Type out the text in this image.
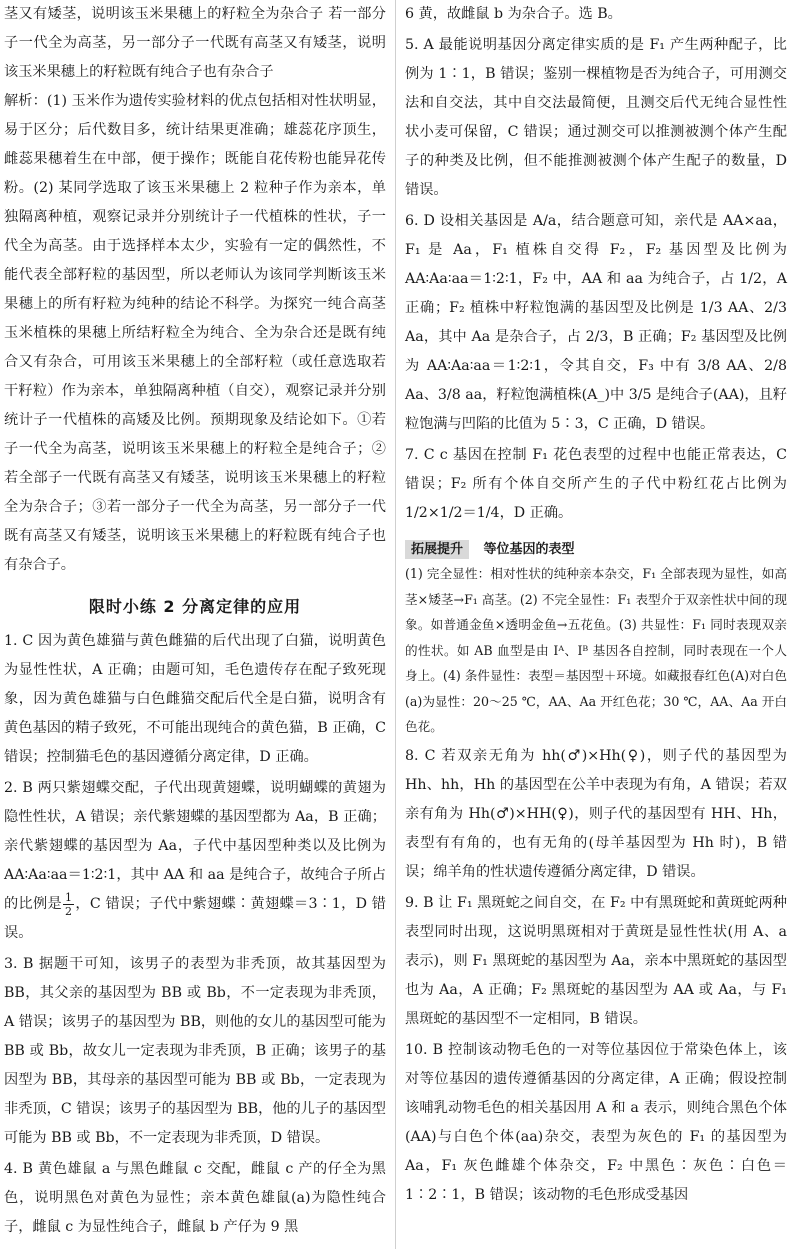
茎又有矮茎，说明该玉米果穗上的籽粒全为杂合子 若一部分子一代全为高茎，另一部分子一代既有高茎又有矮茎，说明该玉米果穗上的籽粒既有纯合子也有杂合子

解析：(1) 玉米作为遗传实验材料的优点包括相对性状明显，易于区分；后代数目多，统计结果更准确；雄蕊花序顶生，雌蕊果穗着生在中部，便于操作；既能自花传粉也能异花传粉。(2) 某同学选取了该玉米果穗上 2 粒种子作为亲本，单独隔离种植，观察记录并分别统计子一代植株的性状，子一代全为高茎。由于选择样本太少，实验有一定的偶然性，不能代表全部籽粒的基因型，所以老师认为该同学判断该玉米果穗上的所有籽粒为纯种的结论不科学。为探究一纯合高茎玉米植株的果穗上所结籽粒全为纯合、全为杂合还是既有纯合又有杂合，可用该玉米果穗上的全部籽粒（或任意选取若干籽粒）作为亲本，单独隔离种植（自交），观察记录并分别统计子一代植株的高矮及比例。预期现象及结论如下。①若子一代全为高茎，说明该玉米果穗上的籽粒全是纯合子；②若全部子一代既有高茎又有矮茎，说明该玉米果穗上的籽粒全为杂合子；③若一部分子一代全为高茎，另一部分子一代既有高茎又有矮茎，说明该玉米果穗上的籽粒既有纯合子也有杂合子。

限时小练 2 分离定律的应用

1. C 因为黄色雄猫与黄色雌猫的后代出现了白猫，说明黄色为显性性状，A 正确；由题可知，毛色遗传存在配子致死现象，因为黄色雄猫与白色雌猫交配后代全是白猫，说明含有黄色基因的精子致死，不可能出现纯合的黄色猫，B 正确，C 错误；控制猫毛色的基因遵循分离定律，D 正确。

2. B 两只紫翅蝶交配，子代出现黄翅蝶，说明蝴蝶的黄翅为隐性性状，A 错误；亲代紫翅蝶的基因型都为 Aa，B 正确；亲代紫翅蝶的基因型为 Aa，子代中基因型种类以及比例为 AA∶Aa∶aa＝1∶2∶1，其中 AA 和 aa 是纯合子，故纯合子所占的比例是 $\frac{1}{2}$ ，C 错误；子代中紫翅蝶∶黄翅蝶＝3∶1，D 错误。

3. B 据题干可知，该男子的表型为非秃顶，故其基因型为 BB，其父亲的基因型为 BB 或 Bb，不一定表现为非秃顶，A 错误；该男子的基因型为 BB，则他的女儿的基因型可能为 BB 或 Bb，故女儿一定表现为非秃顶，B 正确；该男子的基因型为 BB，其母亲的基因型可能为 BB 或 Bb，一定表现为非秃顶，C 错误；该男子的基因型为 BB，他的儿子的基因型可能为 BB 或 Bb，不一定表现为非秃顶，D 错误。

4. B 黄色雄鼠 a 与黑色雌鼠 c 交配，雌鼠 c 产的仔全为黑色，说明黑色对黄色为显性；亲本黄色雄鼠(a)为隐性纯合子，雌鼠 c 为显性纯合子，雌鼠 b 产仔为 9 黑

6 黄，故雌鼠 b 为杂合子。选 B。

5. A 最能说明基因分离定律实质的是 F₁ 产生两种配子，比例为 1∶1，B 错误；鉴别一棵植物是否为纯合子，可用测交法和自交法，其中自交法最简便，且测交后代无纯合显性性状小麦可保留，C 错误；通过测交可以推测被测个体产生配子的种类及比例，但不能推测被测个体产生配子的数量，D 错误。

6. D 设相关基因是 A/a，结合题意可知，亲代是 AA×aa，F₁ 是 Aa，F₁ 植株自交得 F₂，F₂ 基因型及比例为 AA∶Aa∶aa＝1∶2∶1，F₂ 中，AA 和 aa 为纯合子，占 1/2，A 正确；F₂ 植株中籽粒饱满的基因型及比例是 1/3 AA、2/3 Aa，其中 Aa 是杂合子，占 2/3，B 正确；F₂ 基因型及比例为 AA∶Aa∶aa＝1∶2∶1，令其自交，F₃ 中有 3/8 AA、2/8 Aa、3/8 aa，籽粒饱满植株(A_)中 3/5 是纯合子(AA)，且籽粒饱满与凹陷的比值为 5∶3，C 正确，D 错误。

7. C c 基因在控制 F₁ 花色表型的过程中也能正常表达，C 错误；F₂ 所有个体自交所产生的子代中粉红花占比例为 1/2×1/2＝1/4，D 正确。

拓展提升 等位基因的表型

(1) 完全显性：相对性状的纯种亲本杂交，F₁ 全部表现为显性，如高茎×矮茎→F₁ 高茎。(2) 不完全显性：F₁ 表型介于双亲性状中间的现象。如普通金鱼×透明金鱼→五花鱼。(3) 共显性：F₁ 同时表现双亲的性状。如 AB 血型是由 Iᴬ、Iᴮ 基因各自控制，同时表现在一个人身上。(4) 条件显性：表型＝基因型＋环境。如藏报春红色(A)对白色(a)为显性：20～25 ℃，AA、Aa 开红色花；30 ℃，AA、Aa 开白色花。

8. C 若双亲无角为 hh(♂)×Hh(♀)，则子代的基因型为 Hh、hh，Hh 的基因型在公羊中表现为有角，A 错误；若双亲有角为 Hh(♂)×HH(♀)，则子代的基因型有 HH、Hh，表型有有角的，也有无角的(母羊基因型为 Hh 时)，B 错误；绵羊角的性状遗传遵循分离定律，D 错误。

9. B 让 F₁ 黑斑蛇之间自交，在 F₂ 中有黑斑蛇和黄斑蛇两种表型同时出现，这说明黑斑相对于黄斑是显性性状(用 A、a 表示)，则 F₁ 黑斑蛇的基因型为 Aa，亲本中黑斑蛇的基因型也为 Aa，A 正确；F₂ 黑斑蛇的基因型为 AA 或 Aa，与 F₁ 黑斑蛇的基因型不一定相同，B 错误。

10. B 控制该动物毛色的一对等位基因位于常染色体上，该对等位基因的遗传遵循基因的分离定律，A 正确；假设控制该哺乳动物毛色的相关基因用 A 和 a 表示，则纯合黑色个体(AA)与白色个体(aa)杂交，表型为灰色的 F₁ 的基因型为 Aa，F₁ 灰色雌雄个体杂交，F₂ 中黑色∶灰色∶白色＝1∶2∶1，B 错误；该动物的毛色形成受基因
